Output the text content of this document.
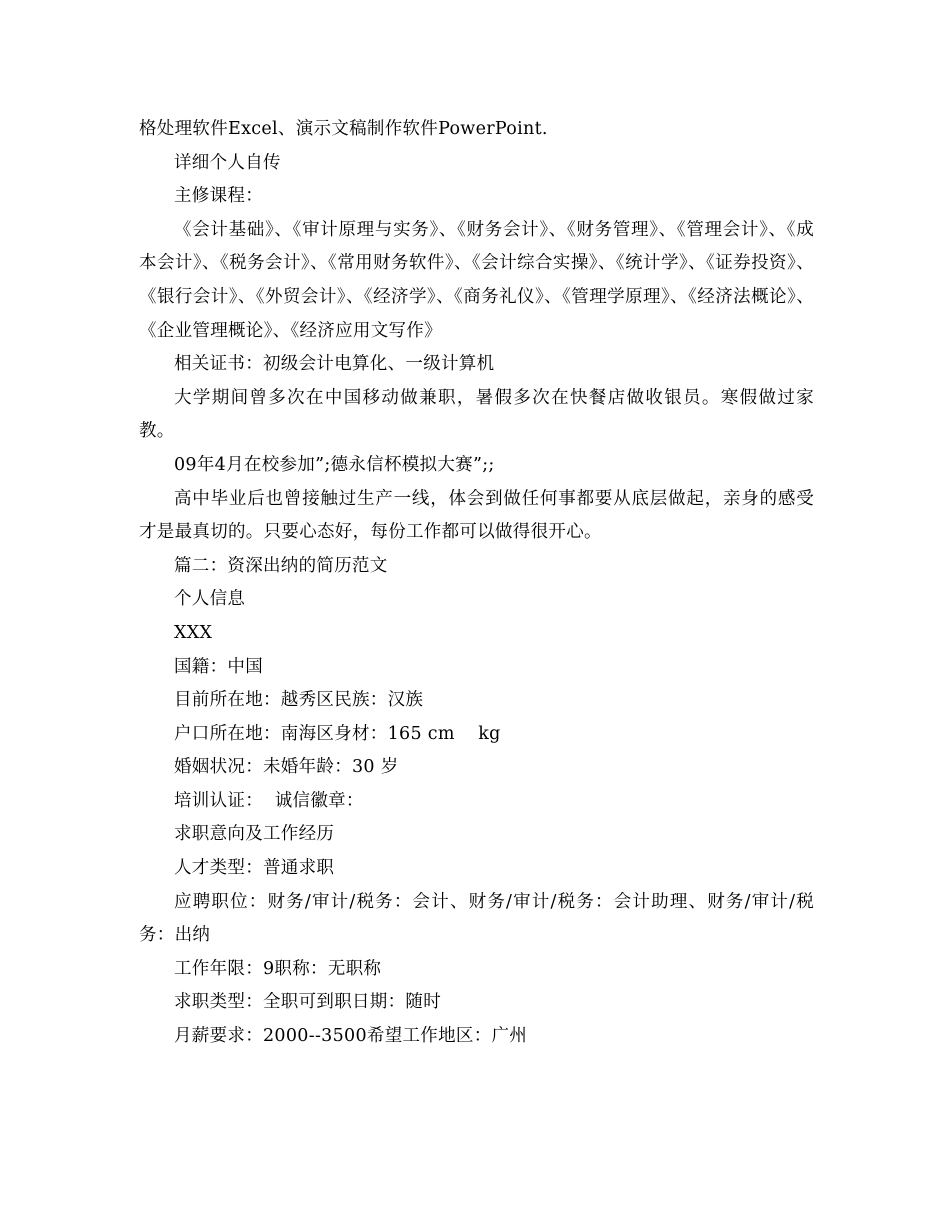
格处理软件Excel、演示文稿制作软件PowerPoint.

详细个人自传

主修课程：

《会计基础》、《审计原理与实务》、《财务会计》、《财务管理》、《管理会计》、《成本会计》、《税务会计》、《常用财务软件》、《会计综合实操》、《统计学》、《证券投资》、《银行会计》、《外贸会计》、《经济学》、《商务礼仪》、《管理学原理》、《经济法概论》、《企业管理概论》、《经济应用文写作》

相关证书：初级会计电算化、一级计算机

大学期间曾多次在中国移动做兼职，暑假多次在快餐店做收银员。寒假做过家教。

09年4月在校参加”;德永信杯模拟大赛”;;

高中毕业后也曾接触过生产一线，体会到做任何事都要从底层做起，亲身的感受才是最真切的。只要心态好，每份工作都可以做得很开心。

篇二：资深出纳的简历范文

个人信息

XXX

国籍：中国

目前所在地：越秀区民族：汉族

户口所在地：南海区身材：165 cm    kg

婚姻状况：未婚年龄：30 岁

培训认证：  诚信徽章：

求职意向及工作经历

人才类型：普通求职

应聘职位：财务/审计/税务：会计、财务/审计/税务：会计助理、财务/审计/税务：出纳

工作年限：9职称：无职称

求职类型：全职可到职日期：随时

月薪要求：2000--3500希望工作地区：广州
